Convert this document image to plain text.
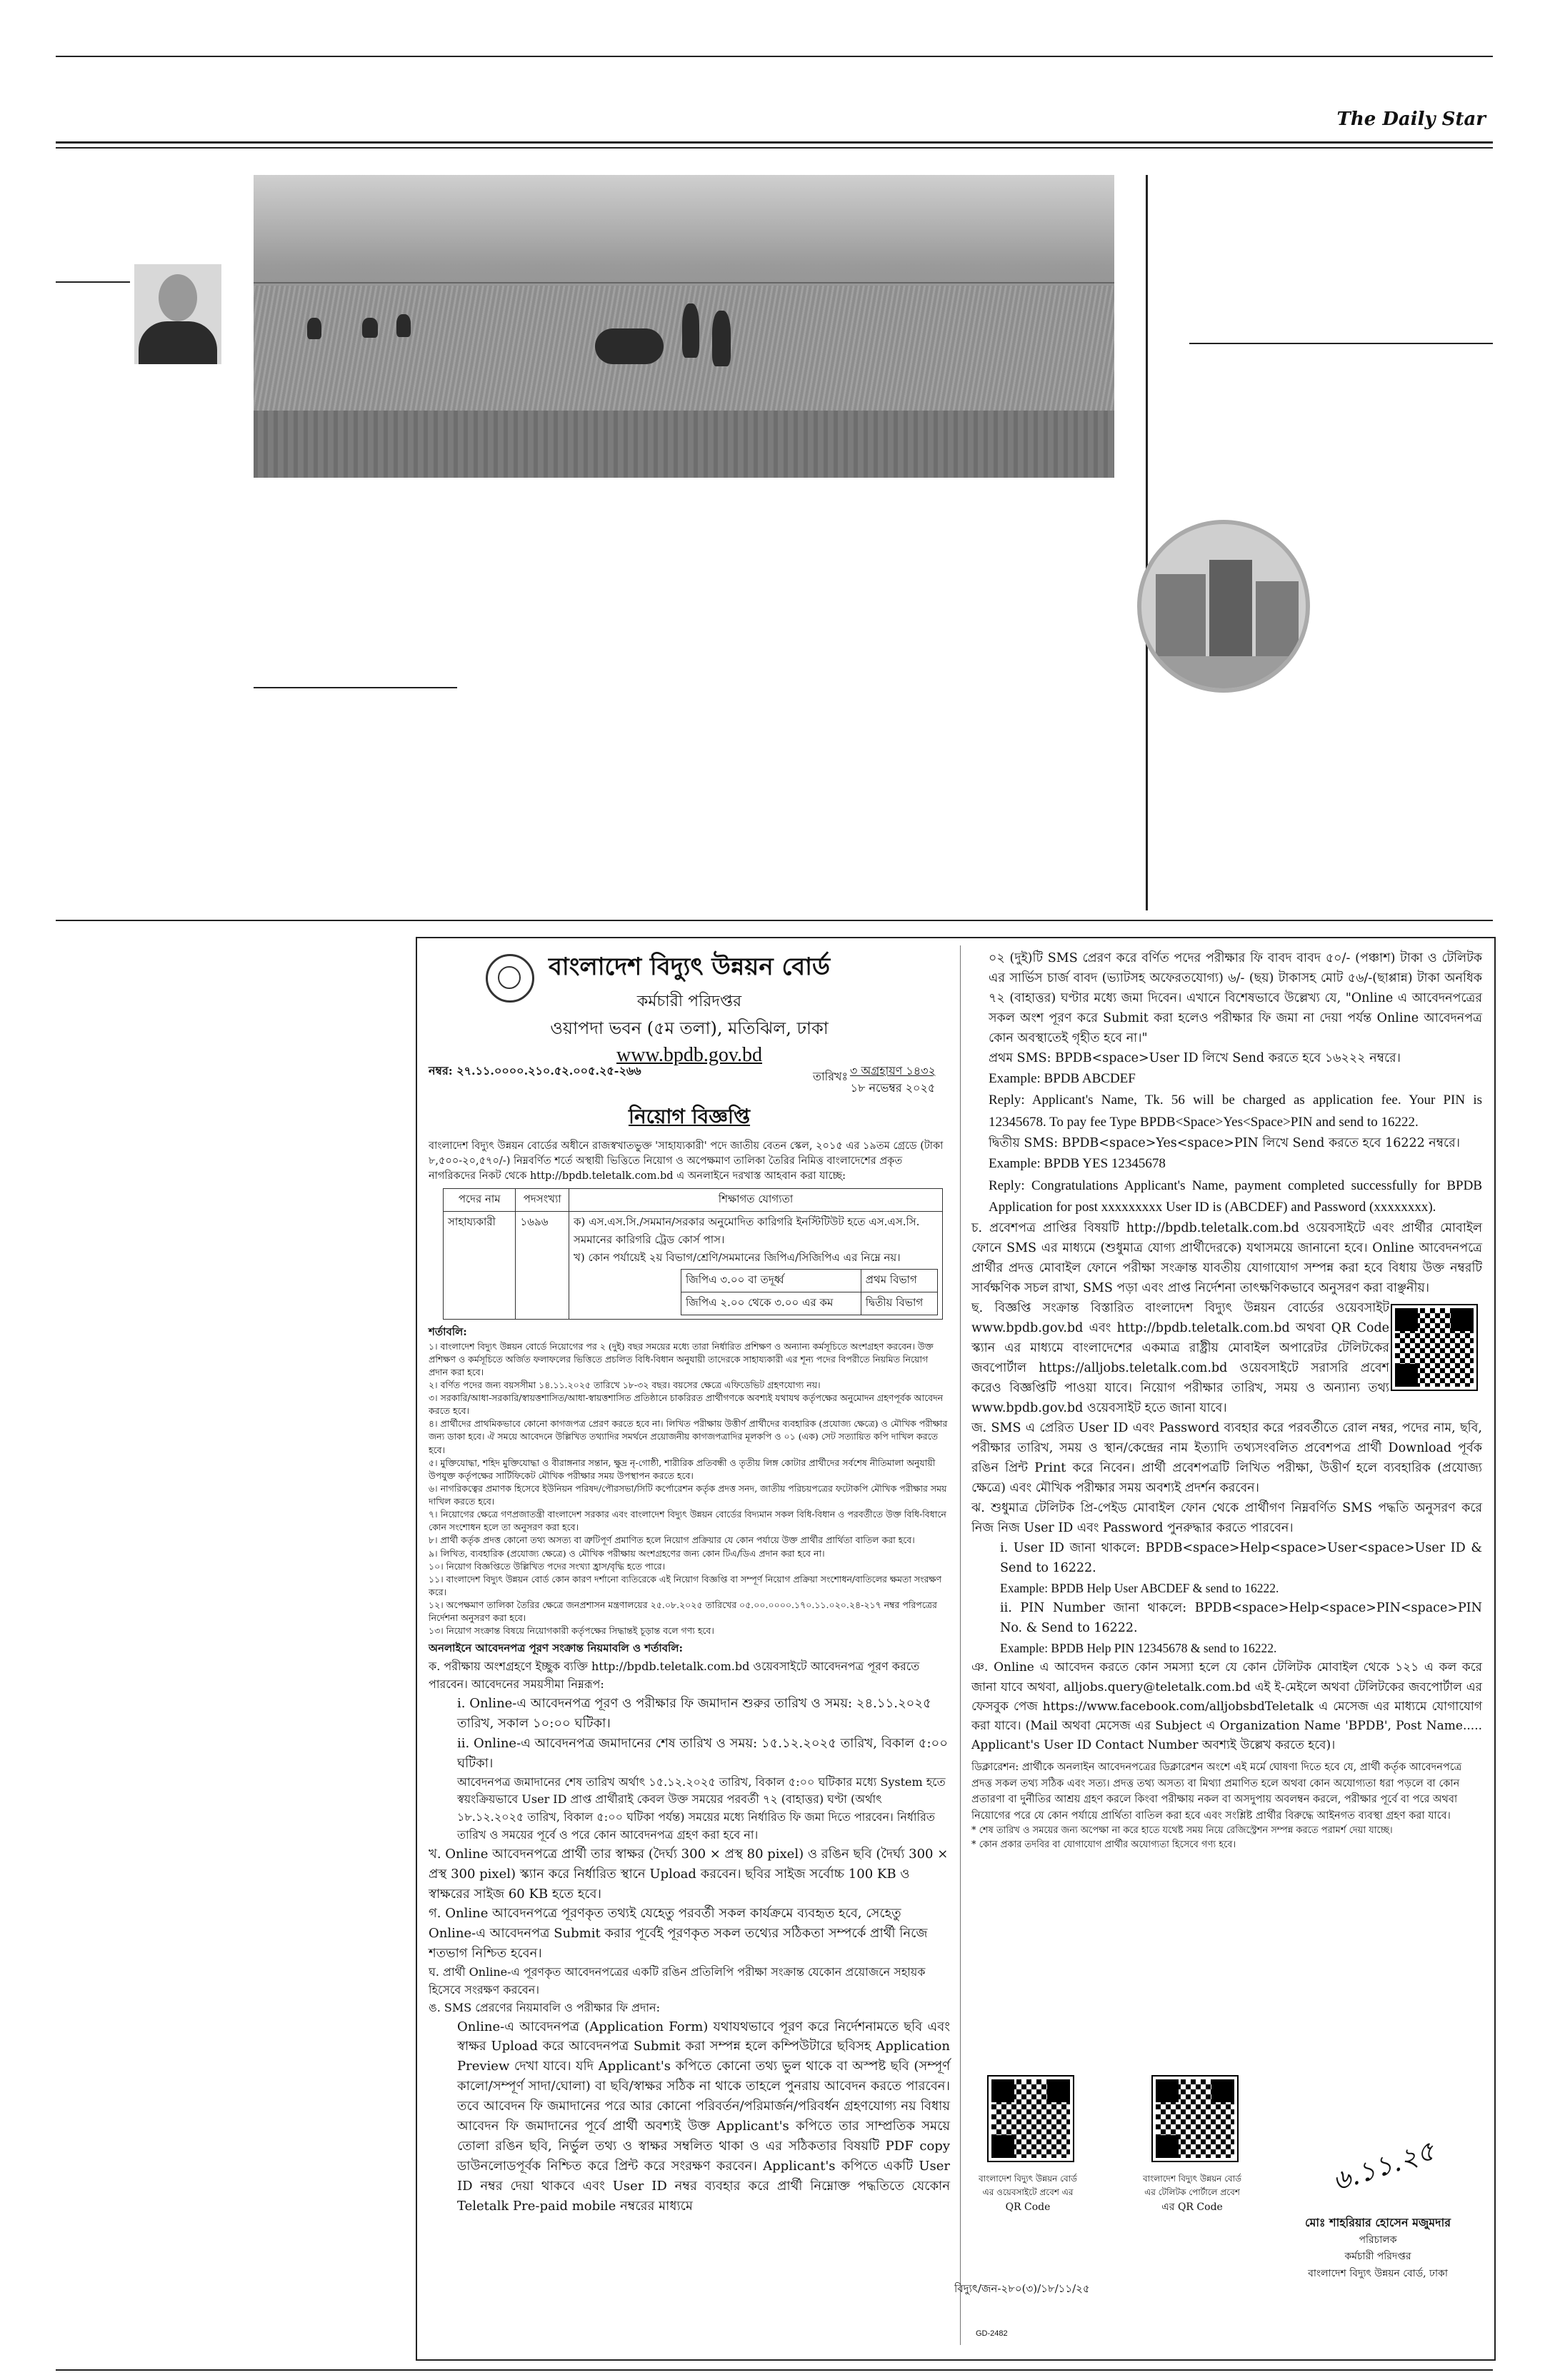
The Daily Star
বাংলাদেশ বিদ্যুৎ উন্নয়ন বোর্ড
কর্মচারী পরিদপ্তর
ওয়াপদা ভবন (৫ম তলা), মতিঝিল, ঢাকা
www.bpdb.gov.bd
নম্বর: ২৭.১১.০০০০.২১০.৫২.০০৫.২৫-২৬৬	তারিখঃ ৩ অগ্রহায়ণ ১৪৩২
১৮ নভেম্বর ২০২৫
নিয়োগ বিজ্ঞপ্তি

বাংলাদেশ বিদ্যুৎ উন্নয়ন বোর্ডের অধীনে রাজস্বখাতভুক্ত 'সাহায্যকারী' পদে জাতীয় বেতন স্কেল, ২০১৫ এর ১৯তম গ্রেডে (টাকা ৮,৫০০-২০,৫৭০/-) নিম্নবর্ণিত শর্তে অস্থায়ী ভিত্তিতে নিয়োগ ও অপেক্ষমাণ তালিকা তৈরির নিমিত্ত বাংলাদেশের প্রকৃত নাগরিকদের নিকট থেকে http://bpdb.teletalk.com.bd এ অনলাইনে দরখাস্ত আহবান করা যাচ্ছে:

পদের নাম	পদসংখ্যা	শিক্ষাগত যোগ্যতা
সাহায্যকারী	১৬৯৬	ক) এস.এস.সি./সমমান/সরকার অনুমোদিত কারিগরি ইনস্টিটিউট হতে এস.এস.সি. সমমানের কারিগরি ট্রেড কোর্স পাস।
খ) কোন পর্যায়েই ২য় বিভাগ/শ্রেণি/সমমানের জিপিএ/সিজিপিএ এর নিম্নে নয়।
জিপিএ ৩.০০ বা তদূর্ধ্ব	প্রথম বিভাগ
জিপিএ ২.০০ থেকে ৩.০০ এর কম	দ্বিতীয় বিভাগ
শর্তাবলি:

১। বাংলাদেশ বিদ্যুৎ উন্নয়ন বোর্ডে নিয়োগের পর ২ (দুই) বছর সময়ের মধ্যে তারা নির্ধারিত প্রশিক্ষণ ও অন্যান্য কর্মসূচিতে অংশগ্রহণ করবেন। উক্ত প্রশিক্ষণ ও কর্মসূচিতে অর্জিত ফলাফলের ভিত্তিতে প্রচলিত বিধি-বিধান অনুযায়ী তাদেরকে সাহায্যকারী এর শূন্য পদের বিপরীতে নিয়মিত নিয়োগ প্রদান করা হবে।

২। বর্ণিত পদের জন্য বয়সসীমা ১৪.১১.২০২৫ তারিখে ১৮-৩২ বছর। বয়সের ক্ষেত্রে এফিডেভিট গ্রহণযোগ্য নয়।

৩। সরকারি/আধা-সরকারি/স্বায়ত্তশাসিত/আধা-স্বায়ত্তশাসিত প্রতিষ্ঠানে চাকরিরত প্রার্থীগণকে অবশ্যই যথাযথ কর্তৃপক্ষের অনুমোদন গ্রহণপূর্বক আবেদন করতে হবে।

৪। প্রার্থীদের প্রাথমিকভাবে কোনো কাগজপত্র প্রেরণ করতে হবে না। লিখিত পরীক্ষায় উত্তীর্ণ প্রার্থীদের ব্যবহারিক (প্রযোজ্য ক্ষেত্রে) ও মৌখিক পরীক্ষার জন্য ডাকা হবে। ঐ সময়ে আবেদনে উল্লিখিত তথ্যাদির সমর্থনে প্রয়োজনীয় কাগজপত্রাদির মূলকপি ও ০১ (এক) সেট সত্যায়িত কপি দাখিল করতে হবে।

৫। মুক্তিযোদ্ধা, শহিদ মুক্তিযোদ্ধা ও বীরাঙ্গনার সন্তান, ক্ষুদ্র নৃ-গোষ্ঠী, শারীরিক প্রতিবন্ধী ও তৃতীয় লিঙ্গ কোটার প্রার্থীদের সর্বশেষ নীতিমালা অনুযায়ী উপযুক্ত কর্তৃপক্ষের সার্টিফিকেট মৌখিক পরীক্ষার সময় উপস্থাপন করতে হবে।

৬। নাগরিকত্বের প্রমাণক হিসেবে ইউনিয়ন পরিষদ/পৌরসভা/সিটি কর্পোরেশন কর্তৃক প্রদত্ত সনদ, জাতীয় পরিচয়পত্রের ফটোকপি মৌখিক পরীক্ষার সময় দাখিল করতে হবে।

৭। নিয়োগের ক্ষেত্রে গণপ্রজাতন্ত্রী বাংলাদেশ সরকার এবং বাংলাদেশ বিদ্যুৎ উন্নয়ন বোর্ডের বিদ্যমান সকল বিধি-বিধান ও পরবর্তীতে উক্ত বিধি-বিধানে কোন সংশোধন হলে তা অনুসরণ করা হবে।

৮। প্রার্থী কর্তৃক প্রদত্ত কোনো তথ্য অসত্য বা ত্রুটিপূর্ণ প্রমাণিত হলে নিয়োগ প্রক্রিয়ার যে কোন পর্যায়ে উক্ত প্রার্থীর প্রার্থিতা বাতিল করা হবে।

৯। লিখিত, ব্যবহারিক (প্রযোজ্য ক্ষেত্রে) ও মৌখিক পরীক্ষায় অংশগ্রহণের জন্য কোন টিএ/ডিএ প্রদান করা হবে না।

১০। নিয়োগ বিজ্ঞপ্তিতে উল্লিখিত পদের সংখ্যা হ্রাস/বৃদ্ধি হতে পারে।

১১। বাংলাদেশ বিদ্যুৎ উন্নয়ন বোর্ড কোন কারণ দর্শানো ব্যতিরেকে এই নিয়োগ বিজ্ঞপ্তি বা সম্পূর্ণ নিয়োগ প্রক্রিয়া সংশোধন/বাতিলের ক্ষমতা সংরক্ষণ করে।

১২। অপেক্ষমাণ তালিকা তৈরির ক্ষেত্রে জনপ্রশাসন মন্ত্রণালয়ের ২৫.০৮.২০২৫ তারিখের ০৫.০০.০০০০.১৭০.১১.০২০.২৪-২১৭ নম্বর পরিপত্রের নির্দেশনা অনুসরণ করা হবে।

১৩। নিয়োগ সংক্রান্ত বিষয়ে নিয়োগকারী কর্তৃপক্ষের সিদ্ধান্তই চূড়ান্ত বলে গণ্য হবে।

অনলাইনে আবেদনপত্র পূরণ সংক্রান্ত নিয়মাবলি ও শর্তাবলি:

ক. পরীক্ষায় অংশগ্রহণে ইচ্ছুক ব্যক্তি http://bpdb.teletalk.com.bd ওয়েবসাইটে আবেদনপত্র পূরণ করতে পারবেন। আবেদনের সময়সীমা নিম্নরূপ:

i. Online-এ আবেদনপত্র পূরণ ও পরীক্ষার ফি জমাদান শুরুর তারিখ ও সময়: ২৪.১১.২০২৫ তারিখ, সকাল ১০:০০ ঘটিকা।

ii. Online-এ আবেদনপত্র জমাদানের শেষ তারিখ ও সময়: ১৫.১২.২০২৫ তারিখ, বিকাল ৫:০০ ঘটিকা।

আবেদনপত্র জমাদানের শেষ তারিখ অর্থাৎ ১৫.১২.২০২৫ তারিখ, বিকাল ৫:০০ ঘটিকার মধ্যে System হতে স্বয়ংক্রিয়ভাবে User ID প্রাপ্ত প্রার্থীরাই কেবল উক্ত সময়ের পরবর্তী ৭২ (বাহাত্তর) ঘণ্টা (অর্থাৎ ১৮.১২.২০২৫ তারিখ, বিকাল ৫:০০ ঘটিকা পর্যন্ত) সময়ের মধ্যে নির্ধারিত ফি জমা দিতে পারবেন। নির্ধারিত তারিখ ও সময়ের পূর্বে ও পরে কোন আবেদনপত্র গ্রহণ করা হবে না।

খ. Online আবেদনপত্রে প্রার্থী তার স্বাক্ষর (দৈর্ঘ্য 300 × প্রস্থ 80 pixel) ও রঙিন ছবি (দৈর্ঘ্য 300 × প্রস্থ 300 pixel) স্ক্যান করে নির্ধারিত স্থানে Upload করবেন। ছবির সাইজ সর্বোচ্চ 100 KB ও স্বাক্ষরের সাইজ 60 KB হতে হবে।

গ. Online আবেদনপত্রে পূরণকৃত তথ্যই যেহেতু পরবর্তী সকল কার্যক্রমে ব্যবহৃত হবে, সেহেতু Online-এ আবেদনপত্র Submit করার পূর্বেই পূরণকৃত সকল তথ্যের সঠিকতা সম্পর্কে প্রার্থী নিজে শতভাগ নিশ্চিত হবেন।

ঘ. প্রার্থী Online-এ পূরণকৃত আবেদনপত্রের একটি রঙিন প্রতিলিপি পরীক্ষা সংক্রান্ত যেকোন প্রয়োজনে সহায়ক হিসেবে সংরক্ষণ করবেন।

ঙ. SMS প্রেরণের নিয়মাবলি ও পরীক্ষার ফি প্রদান:

Online-এ আবেদনপত্র (Application Form) যথাযথভাবে পূরণ করে নির্দেশনামতে ছবি এবং স্বাক্ষর Upload করে আবেদনপত্র Submit করা সম্পন্ন হলে কম্পিউটারে ছবিসহ Application Preview দেখা যাবে। যদি Applicant's কপিতে কোনো তথ্য ভুল থাকে বা অস্পষ্ট ছবি (সম্পূর্ণ কালো/সম্পূর্ণ সাদা/ঘোলা) বা ছবি/স্বাক্ষর সঠিক না থাকে তাহলে পুনরায় আবেদন করতে পারবেন। তবে আবেদন ফি জমাদানের পরে আর কোনো পরিবর্তন/পরিমার্জন/পরিবর্ধন গ্রহণযোগ্য নয় বিধায় আবেদন ফি জমাদানের পূর্বে প্রার্থী অবশ্যই উক্ত Applicant's কপিতে তার সাম্প্রতিক সময়ে তোলা রঙিন ছবি, নির্ভুল তথ্য ও স্বাক্ষর সম্বলিত থাকা ও এর সঠিকতার বিষয়টি PDF copy ডাউনলোডপূর্বক নিশ্চিত করে প্রিন্ট করে সংরক্ষণ করবেন। Applicant's কপিতে একটি User ID নম্বর দেয়া থাকবে এবং User ID নম্বর ব্যবহার করে প্রার্থী নিম্নোক্ত পদ্ধতিতে যেকোন Teletalk Pre-paid mobile নম্বরের মাধ্যমে

০২ (দুই)টি SMS প্রেরণ করে বর্ণিত পদের পরীক্ষার ফি বাবদ বাবদ ৫০/- (পঞ্চাশ) টাকা ও টেলিটক এর সার্ভিস চার্জ বাবদ (ভ্যাটসহ অফেরতযোগ্য) ৬/- (ছয়) টাকাসহ মোট ৫৬/-(ছাপ্পান্ন) টাকা অনধিক ৭২ (বাহাত্তর) ঘণ্টার মধ্যে জমা দিবেন। এখানে বিশেষভাবে উল্লেখ্য যে, "Online এ আবেদনপত্রের সকল অংশ পূরণ করে Submit করা হলেও পরীক্ষার ফি জমা না দেয়া পর্যন্ত Online আবেদনপত্র কোন অবস্থাতেই গৃহীত হবে না।"

প্রথম SMS: BPDB<space>User ID লিখে Send করতে হবে ১৬২২২ নম্বরে।

Example: BPDB ABCDEF

Reply: Applicant's Name, Tk. 56 will be charged as application fee. Your PIN is 12345678. To pay fee Type BPDB<Space>Yes<Space>PIN and send to 16222.

দ্বিতীয় SMS: BPDB<space>Yes<space>PIN লিখে Send করতে হবে 16222 নম্বরে।

Example: BPDB YES 12345678

Reply: Congratulations Applicant's Name, payment completed successfully for BPDB Application for post xxxxxxxxx User ID is (ABCDEF) and Password (xxxxxxxx).

চ. প্রবেশপত্র প্রাপ্তির বিষয়টি http://bpdb.teletalk.com.bd ওয়েবসাইটে এবং প্রার্থীর মোবাইল ফোনে SMS এর মাধ্যমে (শুধুমাত্র যোগ্য প্রার্থীদেরকে) যথাসময়ে জানানো হবে। Online আবেদনপত্রে প্রার্থীর প্রদত্ত মোবাইল ফোনে পরীক্ষা সংক্রান্ত যাবতীয় যোগাযোগ সম্পন্ন করা হবে বিধায় উক্ত নম্বরটি সার্বক্ষণিক সচল রাখা, SMS পড়া এবং প্রাপ্ত নির্দেশনা তাৎক্ষণিকভাবে অনুসরণ করা বাঞ্ছনীয়।

ছ. বিজ্ঞপ্তি সংক্রান্ত বিস্তারিত বাংলাদেশ বিদ্যুৎ উন্নয়ন বোর্ডের ওয়েবসাইট www.bpdb.gov.bd এবং http://bpdb.teletalk.com.bd অথবা QR Code স্ক্যান এর মাধ্যমে বাংলাদেশের একমাত্র রাষ্ট্রীয় মোবাইল অপারেটর টেলিটকের জবপোর্টাল https://alljobs.teletalk.com.bd ওয়েবসাইটে সরাসরি প্রবেশ করেও বিজ্ঞপ্তিটি পাওয়া যাবে। নিয়োগ পরীক্ষার তারিখ, সময় ও অন্যান্য তথ্য www.bpdb.gov.bd ওয়েবসাইট হতে জানা যাবে।

জ. SMS এ প্রেরিত User ID এবং Password ব্যবহার করে পরবর্তীতে রোল নম্বর, পদের নাম, ছবি, পরীক্ষার তারিখ, সময় ও স্থান/কেন্দ্রের নাম ইত্যাদি তথ্যসংবলিত প্রবেশপত্র প্রার্থী Download পূর্বক রঙিন প্রিন্ট Print করে নিবেন। প্রার্থী প্রবেশপত্রটি লিখিত পরীক্ষা, উত্তীর্ণ হলে ব্যবহারিক (প্রযোজ্য ক্ষেত্রে) এবং মৌখিক পরীক্ষার সময় অবশ্যই প্রদর্শন করবেন।

ঝ. শুধুমাত্র টেলিটক প্রি-পেইড মোবাইল ফোন থেকে প্রার্থীগণ নিম্নবর্ণিত SMS পদ্ধতি অনুসরণ করে নিজ নিজ User ID এবং Password পুনরুদ্ধার করতে পারবেন।

i. User ID জানা থাকলে: BPDB<space>Help<space>User<space>User ID & Send to 16222.

Example: BPDB Help User ABCDEF & send to 16222.

ii. PIN Number জানা থাকলে: BPDB<space>Help<space>PIN<space>PIN No. & Send to 16222.

Example: BPDB Help PIN 12345678 & send to 16222.

ঞ. Online এ আবেদন করতে কোন সমস্যা হলে যে কোন টেলিটক মোবাইল থেকে ১২১ এ কল করে জানা যাবে অথবা, alljobs.query@teletalk.com.bd এই ই-মেইলে অথবা টেলিটকের জবপোর্টাল এর ফেসবুক পেজ https://www.facebook.com/alljobsbdTeletalk এ মেসেজ এর মাধ্যমে যোগাযোগ করা যাবে। (Mail অথবা মেসেজ এর Subject এ Organization Name 'BPDB', Post Name..... Applicant's User ID Contact Number অবশ্যই উল্লেখ করতে হবে)।

ডিক্লারেশন: প্রার্থীকে অনলাইন আবেদনপত্রের ডিক্লারেশন অংশে এই মর্মে ঘোষণা দিতে হবে যে, প্রার্থী কর্তৃক আবেদনপত্রে প্রদত্ত সকল তথ্য সঠিক এবং সত্য। প্রদত্ত তথ্য অসত্য বা মিথ্যা প্রমাণিত হলে অথবা কোন অযোগ্যতা ধরা পড়লে বা কোন প্রতারণা বা দুর্নীতির আশ্রয় গ্রহণ করলে কিংবা পরীক্ষায় নকল বা অসদুপায় অবলম্বন করলে, পরীক্ষার পূর্বে বা পরে অথবা নিয়োগের পরে যে কোন পর্যায়ে প্রার্থিতা বাতিল করা হবে এবং সংশ্লিষ্ট প্রার্থীর বিরুদ্ধে আইনগত ব্যবস্থা গ্রহণ করা যাবে।

* শেষ তারিখ ও সময়ের জন্য অপেক্ষা না করে হাতে যথেষ্ট সময় নিয়ে রেজিস্ট্রেশন সম্পন্ন করতে পরামর্শ দেয়া যাচ্ছে।

* কোন প্রকার তদবির বা যোগাযোগ প্রার্থীর অযোগ্যতা হিসেবে গণ্য হবে।

বাংলাদেশ বিদ্যুৎ উন্নয়ন বোর্ড
এর ওয়েবসাইটে প্রবেশ এর
QR Code
বাংলাদেশ বিদ্যুৎ উন্নয়ন বোর্ড
এর টেলিটক পোর্টালে প্রবেশ
এর QR Code
৬.১১.২৫
মোঃ শাহরিয়ার হোসেন মজুমদার
পরিচালক
কর্মচারী পরিদপ্তর
বাংলাদেশ বিদ্যুৎ উন্নয়ন বোর্ড, ঢাকা
বিদ্যুৎ/জন-২৮০(৩)/১৮/১১/২৫
GD-2482
